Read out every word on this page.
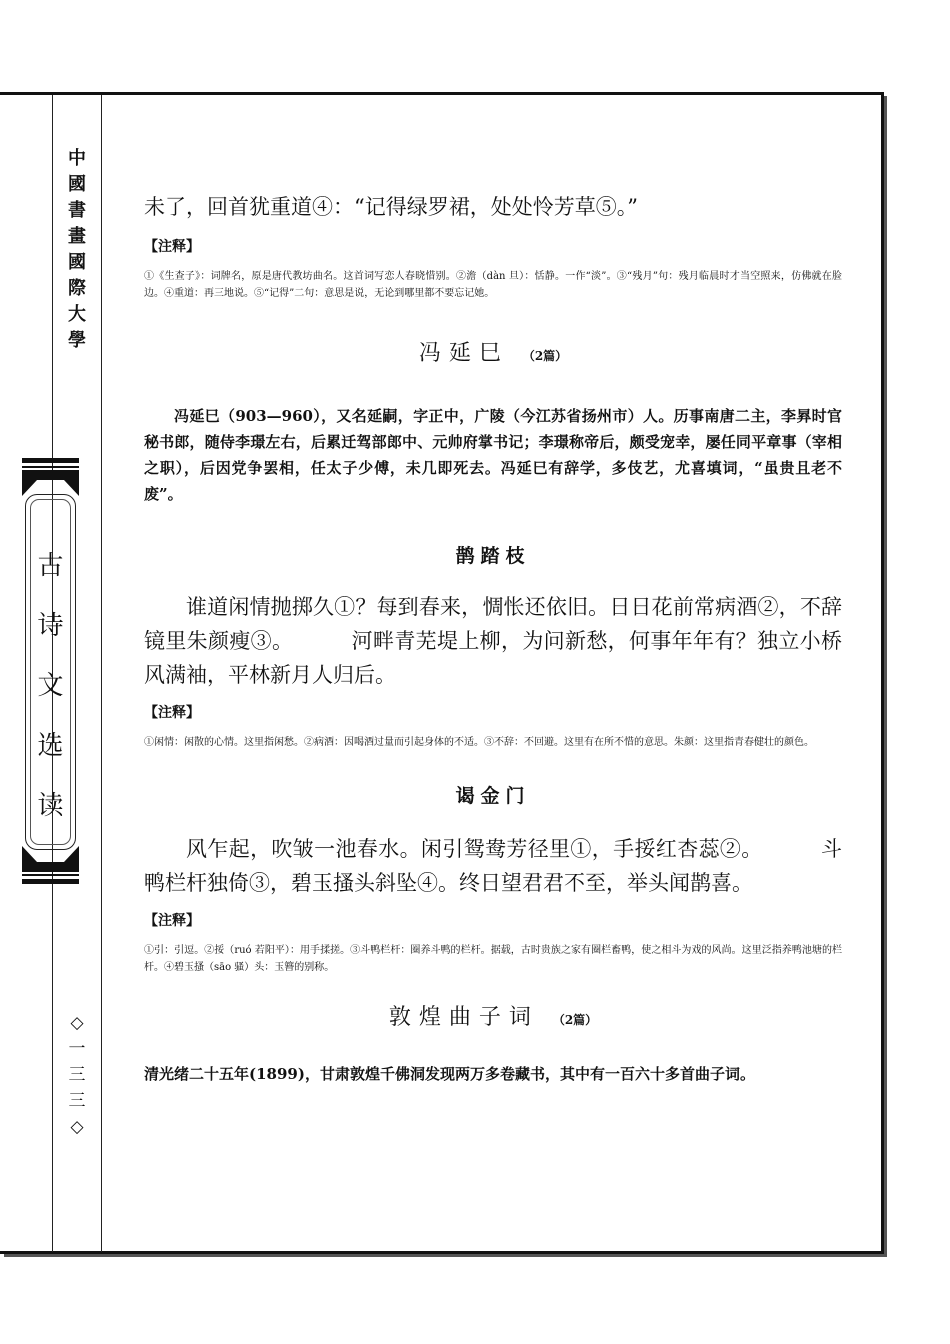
中
國
書
畫
國
際
大
學
古
诗
文
选
读
◇
一
三
三
◇

未了，回首犹重道④：“记得绿罗裙，处处怜芳草⑤。”

【注释】

①《生查子》：词牌名，原是唐代教坊曲名。这首词写恋人春晓惜别。②澹（dàn 旦）：恬静。一作“淡”。③“残月”句：残月临晨时才当空照来，仿佛就在脸边。④重道：再三地说。⑤“记得”二句：意思是说，无论到哪里都不要忘记她。

冯延巳 （2篇）

冯延巳（903—960），又名延嗣，字正中，广陵（今江苏省扬州市）人。历事南唐二主，李昪时官秘书郎，随侍李璟左右，后累迁驾部郎中、元帅府掌书记；李璟称帝后，颇受宠幸，屡任同平章事（宰相之职），后因党争罢相，任太子少傅，未几即死去。冯延巳有辞学，多伎艺，尤喜填词，“虽贵且老不废”。

鹊踏枝

谁道闲情抛掷久①？每到春来，惆怅还依旧。日日花前常病酒②，不辞镜里朱颜瘦③。	河畔青芜堤上柳，为问新愁，何事年年有？独立小桥风满袖，平林新月人归后。

【注释】

①闲情：闲散的心情。这里指闲愁。②病酒：因喝酒过量而引起身体的不适。③不辞：不回避。这里有在所不惜的意思。朱颜：这里指青春健壮的颜色。

谒金门

风乍起，吹皱一池春水。闲引鸳鸯芳径里①，手挼红杏蕊②。	斗鸭栏杆独倚③，碧玉搔头斜坠④。终日望君君不至，举头闻鹊喜。

【注释】

①引：引逗。②挼（ruó 若阳平）：用手揉搓。③斗鸭栏杆：圈养斗鸭的栏杆。据载，古时贵族之家有圈栏畜鸭，使之相斗为戏的风尚。这里泛指养鸭池塘的栏杆。④碧玉搔（sāo 骚）头：玉簪的别称。

敦煌曲子词 （2篇）

清光绪二十五年(1899)，甘肃敦煌千佛洞发现两万多卷藏书，其中有一百六十多首曲子词。
